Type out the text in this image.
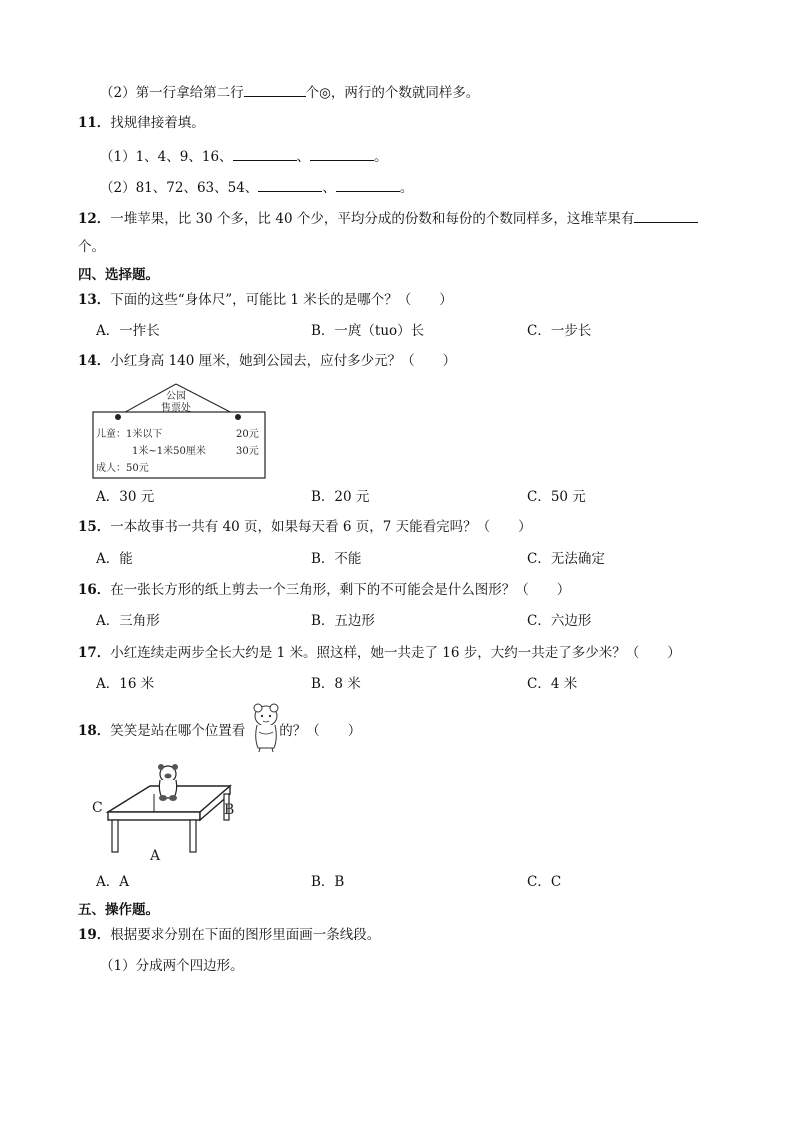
（2）第一行拿给第二行	个◎，两行的个数就同样多。
11．找规律接着填。
（1）1、4、9、16、	、	。
（2）81、72、63、54、	、	。
12．一堆苹果，比 30 个多，比 40 个少，平均分成的份数和每份的个数同样多，这堆苹果有
个。
四、选择题。
13．下面的这些“身体尺”，可能比 1 米长的是哪个？（ ）
A．一拃长	B．一庹（tuo）长	C．一步长
14．小红身高 140 厘米，她到公园去，应付多少元？（ ）
公园
售票处
儿童：1米以下	20元
1米~1米50厘米	30元
成人：50元
A．30 元	B．20 元	C．50 元
15．一本故事书一共有 40 页，如果每天看 6 页，7 天能看完吗？（ ）
A．能	B．不能	C．无法确定
16．在一张长方形的纸上剪去一个三角形，剩下的不可能会是什么图形？（ ）
A．三角形	B．五边形	C．六边形
17．小红连续走两步全长大约是 1 米。照这样，她一共走了 16 步，大约一共走了多少米？（ ）
A．16 米	B．8 米	C．4 米
18．笑笑是站在哪个位置看	的？（ ）
C	B
A
A．A	B．B	C．C
五、操作题。
19．根据要求分别在下面的图形里面画一条线段。
（1）分成两个四边形。
